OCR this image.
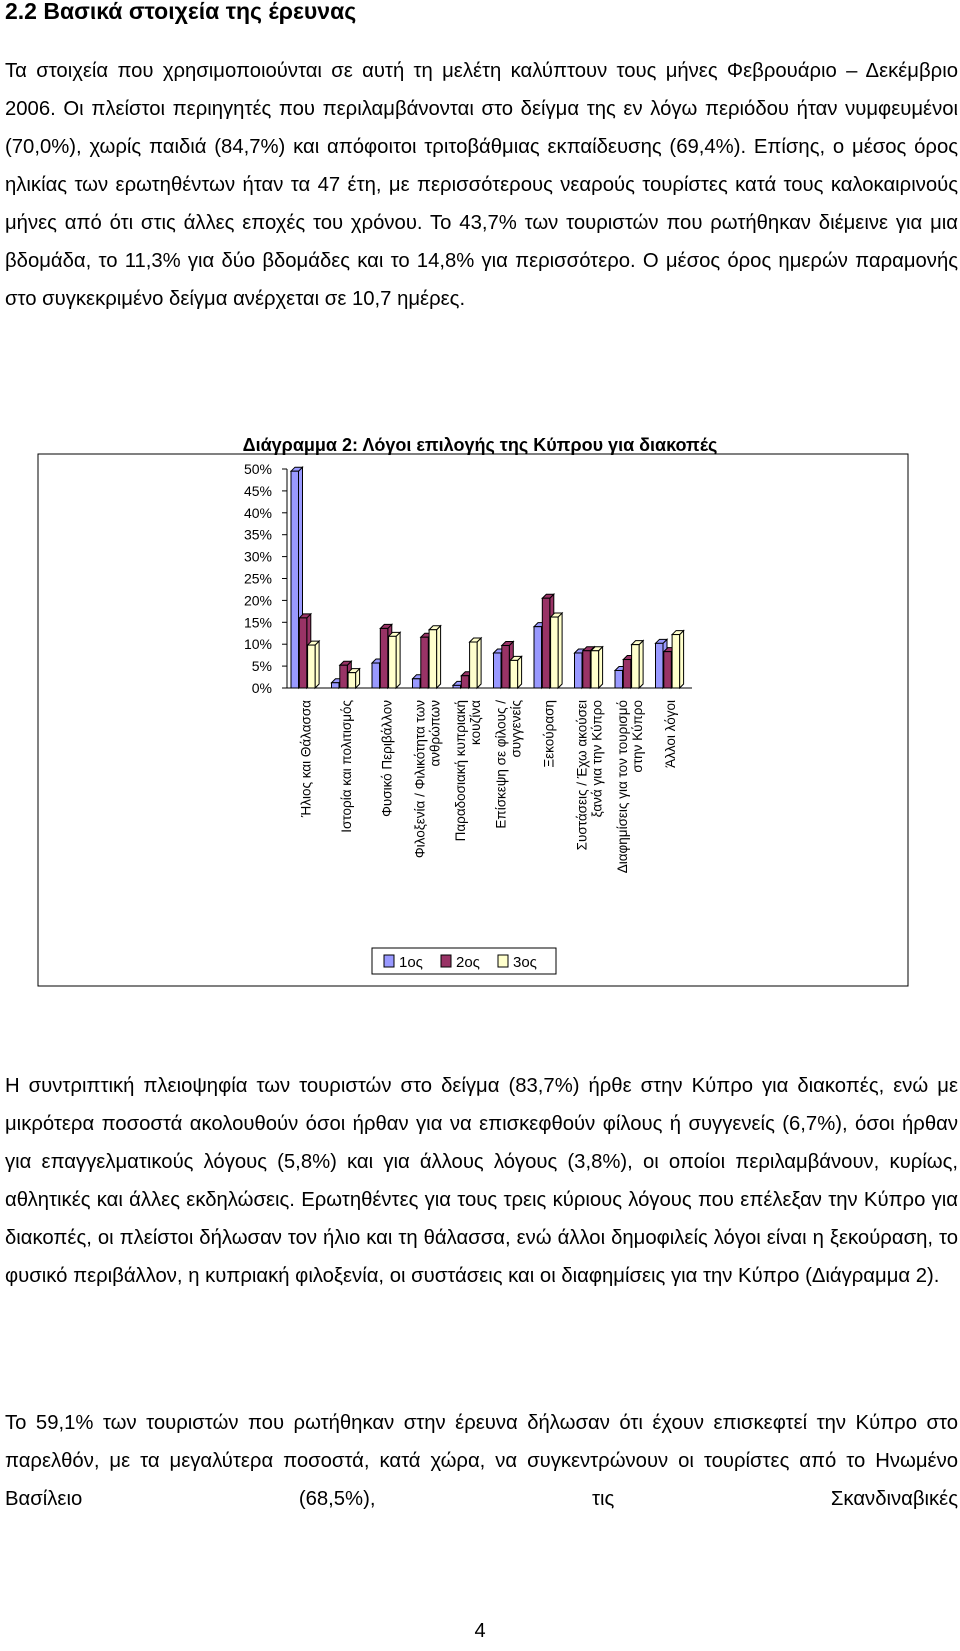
2.2 Βασικά στοιχεία της έρευνας

Τα στοιχεία που χρησιμοποιούνται σε αυτή τη μελέτη καλύπτουν τους μήνες Φεβρουάριο – Δεκέμβριο 2006. Οι πλείστοι περιηγητές που περιλαμβάνονται στο δείγμα της εν λόγω περιόδου ήταν νυμφευμένοι (70,0%), χωρίς παιδιά (84,7%) και απόφοιτοι τριτοβάθμιας εκπαίδευσης (69,4%). Επίσης, ο μέσος όρος ηλικίας των ερωτηθέντων ήταν τα 47 έτη, με περισσότερους νεαρούς τουρίστες κατά τους καλοκαιρινούς μήνες από ότι στις άλλες εποχές του χρόνου. Το 43,7% των τουριστών που ρωτήθηκαν διέμεινε για μια βδομάδα, το 11,3% για δύο βδομάδες και το 14,8% για περισσότερο. Ο μέσος όρος ημερών παραμονής στο συγκεκριμένο δείγμα ανέρχεται σε 10,7 ημέρες.

Διάγραμμα 2: Λόγοι επιλογής της Κύπρου για διακοπές
0%
5%
10%
15%
20%
25%
30%
35%
40%
45%
50%
Ήλιος και Θάλασσα Ιστορία και πολιτισμός Φυσικό Περιβάλλον Φιλοξενία / Φιλικότητα των ανθρώπων Παραδοσιακή κυπριακή κουζίνα Επίσκεψη σε φίλους / συγγενείς Ξεκούραση Συστάσεις / Έχω ακούσει ξανά για την Κύπρο Διαφημίσεις για τον τουρισμό στην Κύπρο Άλλοι λόγοι
1ος 2ος 3ος

Η συντριπτική πλειοψηφία των τουριστών στο δείγμα (83,7%) ήρθε στην Κύπρο για διακοπές, ενώ με μικρότερα ποσοστά ακολουθούν όσοι ήρθαν για να επισκεφθούν φίλους ή συγγενείς (6,7%), όσοι ήρθαν για επαγγελματικούς λόγους (5,8%) και για άλλους λόγους (3,8%), οι οποίοι περιλαμβάνουν, κυρίως, αθλητικές και άλλες εκδηλώσεις. Ερωτηθέντες για τους τρεις κύριους λόγους που επέλεξαν την Κύπρο για διακοπές, οι πλείστοι δήλωσαν τον ήλιο και τη θάλασσα, ενώ άλλοι δημοφιλείς λόγοι είναι η ξεκούραση, το φυσικό περιβάλλον, η κυπριακή φιλοξενία, οι συστάσεις και οι διαφημίσεις για την Κύπρο (Διάγραμμα 2).

Το 59,1% των τουριστών που ρωτήθηκαν στην έρευνα δήλωσαν ότι έχουν επισκεφτεί την Κύπρο στο παρελθόν, με τα μεγαλύτερα ποσοστά, κατά χώρα, να συγκεντρώνουν οι τουρίστες από το Ηνωμένο Βασίλειο (68,5%), τις Σκανδιναβικές

4
